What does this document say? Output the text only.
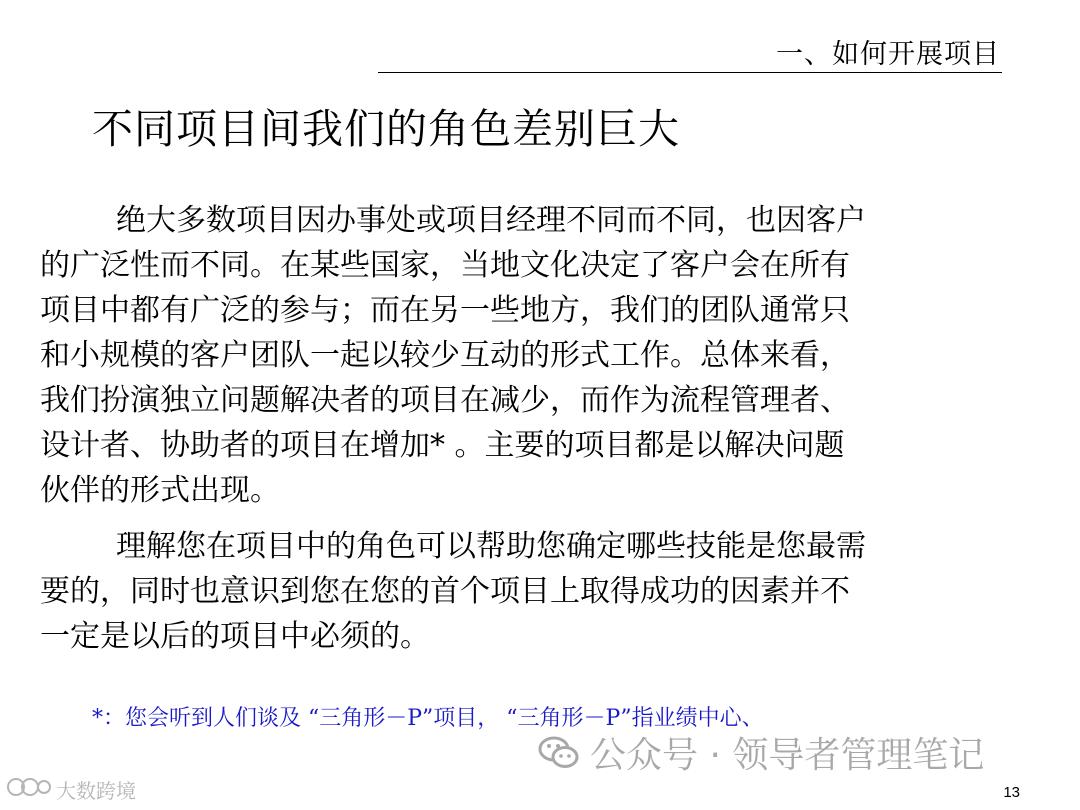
一、如何开展项目
不同项目间我们的角色差别巨大

绝大多数项目因办事处或项目经理不同而不同，也因客户

的广泛性而不同。在某些国家，当地文化决定了客户会在所有

项目中都有广泛的参与；而在另一些地方，我们的团队通常只

和小规模的客户团队一起以较少互动的形式工作。总体来看，

我们扮演独立问题解决者的项目在减少，而作为流程管理者、

设计者、协助者的项目在增加* 。主要的项目都是以解决问题

伙伴的形式出现。

理解您在项目中的角色可以帮助您确定哪些技能是您最需

要的，同时也意识到您在您的首个项目上取得成功的因素并不

一定是以后的项目中必须的。

*：您会听到人们谈及 “三角形－P”项目， “三角形－P”指业绩中心、
公众号 · 领导者管理笔记
大数跨境	13
